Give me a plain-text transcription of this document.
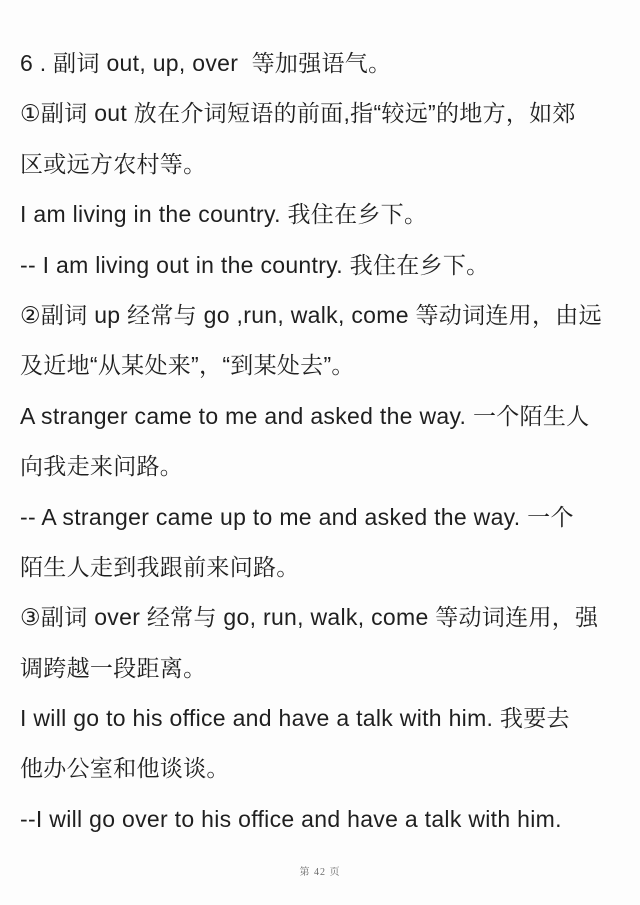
6 . 副词 out, up, over  等加强语气。
①副词 out 放在介词短语的前面,指“较远”的地方，如郊
区或远方农村等。
I am living in the country. 我住在乡下。
-- I am living out in the country. 我住在乡下。
②副词 up 经常与 go ,run, walk, come 等动词连用，由远
及近地“从某处来”，“到某处去”。
A stranger came to me and asked the way. 一个陌生人
向我走来问路。
-- A stranger came up to me and asked the way. 一个
陌生人走到我跟前来问路。
③副词 over 经常与 go, run, walk, come 等动词连用，强
调跨越一段距离。
I will go to his office and have a talk with him. 我要去
他办公室和他谈谈。
--I will go over to his office and have a talk with him.
第 42 页
